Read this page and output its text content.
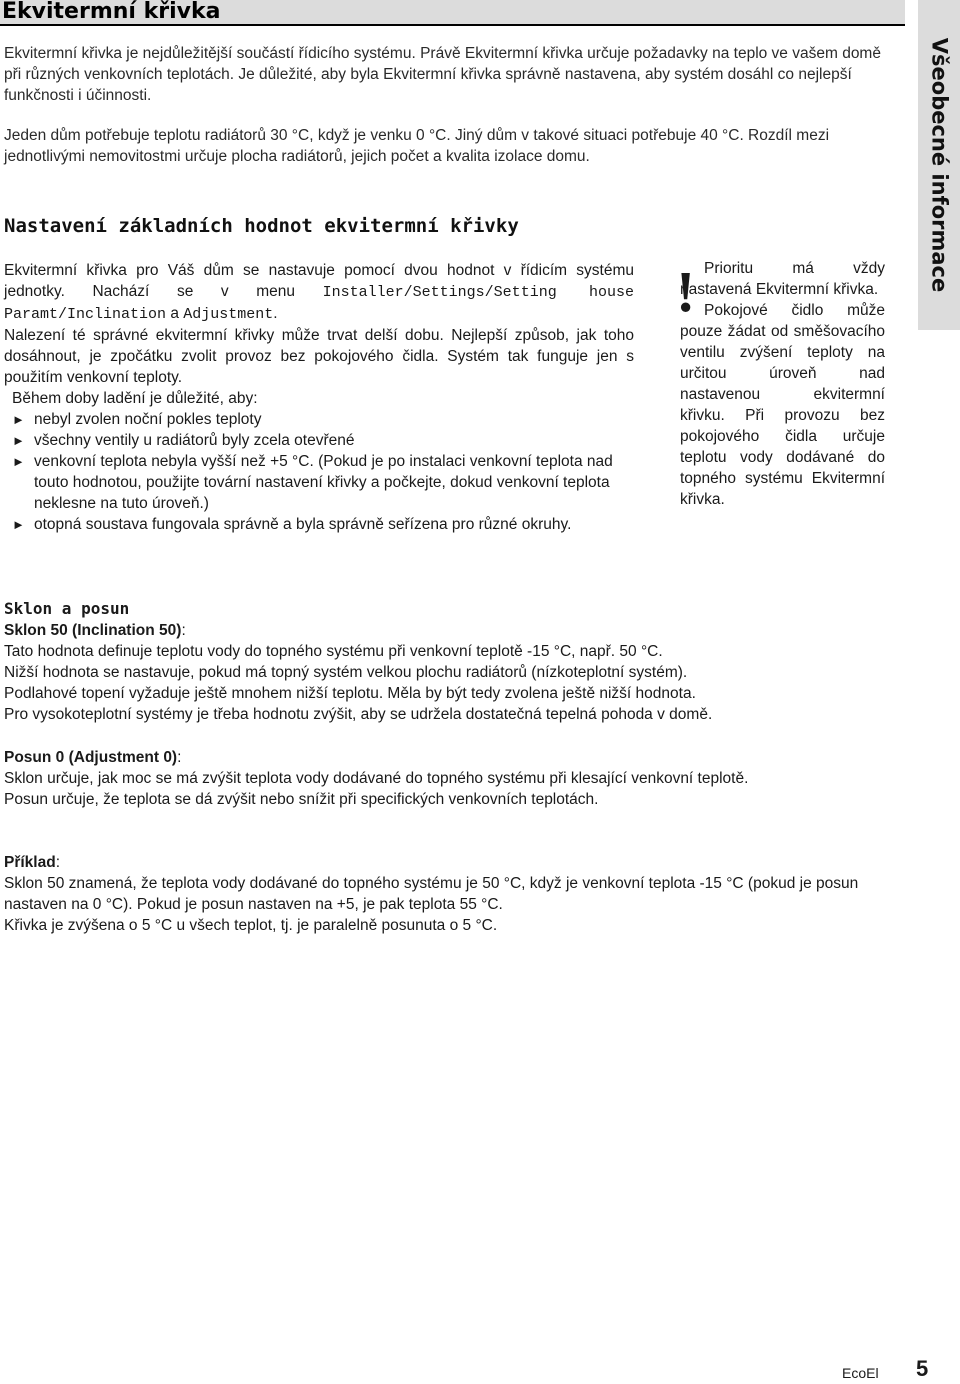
Ekvitermní křivka
Všeobecné informace

Ekvitermní křivka je nejdůležitější součástí řídicího systému. Právě Ekvitermní křivka určuje požadavky na teplo ve vašem domě při různých venkovních teplotách. Je důležité, aby byla Ekvitermní křivka správně nastavena, aby systém dosáhl co nejlepší funkčnosti i účinnosti.

Jeden dům potřebuje teplotu radiátorů 30 °C, když je venku 0 °C. Jiný dům v takové situaci potřebuje 40 °C. Rozdíl mezi jednotlivými nemovitostmi určuje plocha radiátorů, jejich počet a kvalita izolace domu.

Nastavení základních hodnot ekvitermní křivky

Ekvitermní křivka pro Váš dům se nastavuje pomocí dvou hodnot v řídicím systému jednotky. Nachází se v menu Installer/Settings/Setting house Paramt/Inclination a Adjustment.

Nalezení té správné ekvitermní křivky může trvat delší dobu. Nejlepší způsob, jak toho dosáhnout, je zpočátku zvolit provoz bez pokojového čidla. Systém tak funguje jen s použitím venkovní teploty.

Během doby ladění je důležité, aby:

► nebyl zvolen noční pokles teploty
► všechny ventily u radiátorů byly zcela otevřené
► venkovní teplota nebyla vyšší než +5 °C. (Pokud je po instalaci venkovní teplota nad touto hodnotou, použijte tovární nastavení křivky a počkejte, dokud venkovní teplota neklesne na tuto úroveň.)
► otopná soustava fungovala správně a byla správně seřízena pro různé okruhy.
! Prioritu má vždy nastavená Ekvitermní křivka.

Pokojové čidlo může pouze žádat od směšovacího ventilu zvýšení teploty na určitou úroveň nad nastavenou ekvitermní křivku. Při provozu bez pokojového čidla určuje teplotu vody dodávané do topného systému Ekvitermní křivka.

Sklon a posun

Sklon 50 (Inclination 50):

Tato hodnota definuje teplotu vody do topného systému při venkovní teplotě -15 °C, např. 50 °C.

Nižší hodnota se nastavuje, pokud má topný systém velkou plochu radiátorů (nízkoteplotní systém).

Podlahové topení vyžaduje ještě mnohem nižší teplotu. Měla by být tedy zvolena ještě nižší hodnota.

Pro vysokoteplotní systémy je třeba hodnotu zvýšit, aby se udržela dostatečná tepelná pohoda v domě.

Posun 0 (Adjustment 0):

Sklon určuje, jak moc se má zvýšit teplota vody dodávané do topného systému při klesající venkovní teplotě.

Posun určuje, že teplota se dá zvýšit nebo snížit při specifických venkovních teplotách.

Příklad:

Sklon 50 znamená, že teplota vody dodávané do topného systému je 50 °C, když je venkovní teplota -15 °C (pokud je posun nastaven na 0 °C). Pokud je posun nastaven na +5, je pak teplota 55 °C.

Křivka je zvýšena o 5 °C u všech teplot, tj. je paralelně posunuta o 5 °C.

EcoEl 5
